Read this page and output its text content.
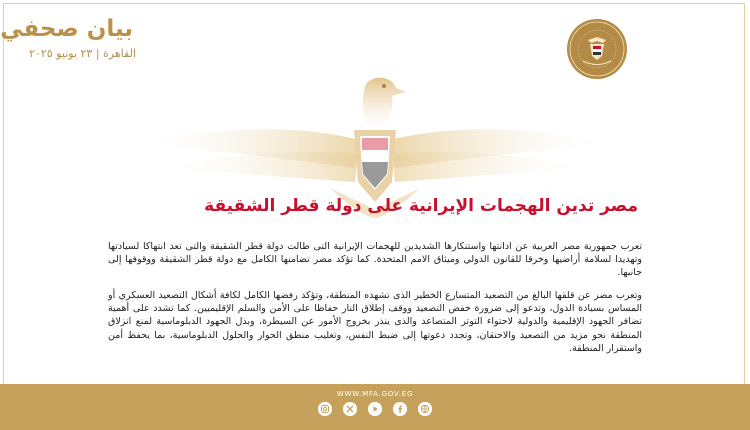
بيان صحفي
القاهرة | ٢٣ يونيو ٢٠٢٥
مصر تدين الهجمات الإيرانية على دولة قطر الشقيقة

تعرب جمهورية مصر العربية عن ادانتها واستنكارها الشديدين للهجمات الإيرانية التى طالت دولة قطر الشقيقة والتى تعد انتهاكا لسيادتها وتهديدا لسلامة أراضيها وخرقا للقانون الدولي وميثاق الامم المتحدة. كما تؤكد مصر تضامنها الكامل مع دولة قطر الشقيقة ووقوفها إلى جانبها.

وتعرب مصر عن قلقها البالغ من التصعيد المتسارع الخطير الذى تشهده المنطقة، وتؤكد رفضها الكامل لكافة أشكال التصعيد العسكري أو المساس بسيادة الدول، وتدعو إلى ضرورة خفض التصعيد ووقف إطلاق النار حفاظا على الأمن والسلم الإقليميين. كما تشدد على أهمية تضافر الجهود الإقليمية والدولية لاحتواء التوتر المتصاعد والذى ينذر بخروج الأمور عن السيطرة، وبذل الجهود الدبلوماسية لمنع انزلاق المنطقة نحو مزيد من التصعيد والاحتقان، وتجدد دعوتها إلى ضبط النفس، وتغليب منطق الحوار والحلول الدبلوماسية، بما يحفظ أمن واستقرار المنطقة.

WWW.MFA.GOV.EG
